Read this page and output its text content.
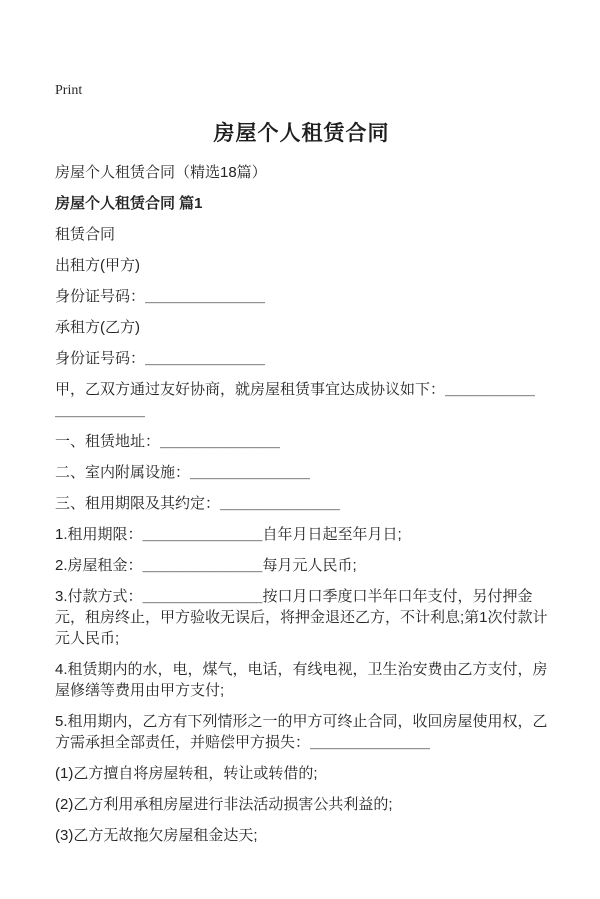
Print
房屋个人租赁合同

房屋个人租赁合同（精选18篇）

房屋个人租赁合同 篇1

租赁合同

出租方(甲方)

身份证号码：＿＿＿＿＿＿＿＿

承租方(乙方)

身份证号码：＿＿＿＿＿＿＿＿

甲，乙双方通过友好协商，就房屋租赁事宜达成协议如下：＿＿＿＿＿＿＿＿＿＿＿＿

一、租赁地址：＿＿＿＿＿＿＿＿

二、室内附属设施：＿＿＿＿＿＿＿＿

三、租用期限及其约定：＿＿＿＿＿＿＿＿

1.租用期限：＿＿＿＿＿＿＿＿自年月日起至年月日;

2.房屋租金：＿＿＿＿＿＿＿＿每月元人民币;

3.付款方式：＿＿＿＿＿＿＿＿按口月口季度口半年口年支付，另付押金元，租房终止，甲方验收无误后，将押金退还乙方，不计利息;第1次付款计元人民币;

4.租赁期内的水，电，煤气，电话，有线电视，卫生治安费由乙方支付，房屋修缮等费用由甲方支付;

5.租用期内，乙方有下列情形之一的甲方可终止合同，收回房屋使用权，乙方需承担全部责任，并赔偿甲方损失：＿＿＿＿＿＿＿＿

(1)乙方擅自将房屋转租，转让或转借的;

(2)乙方利用承租房屋进行非法活动损害公共利益的;

(3)乙方无故拖欠房屋租金达天;
